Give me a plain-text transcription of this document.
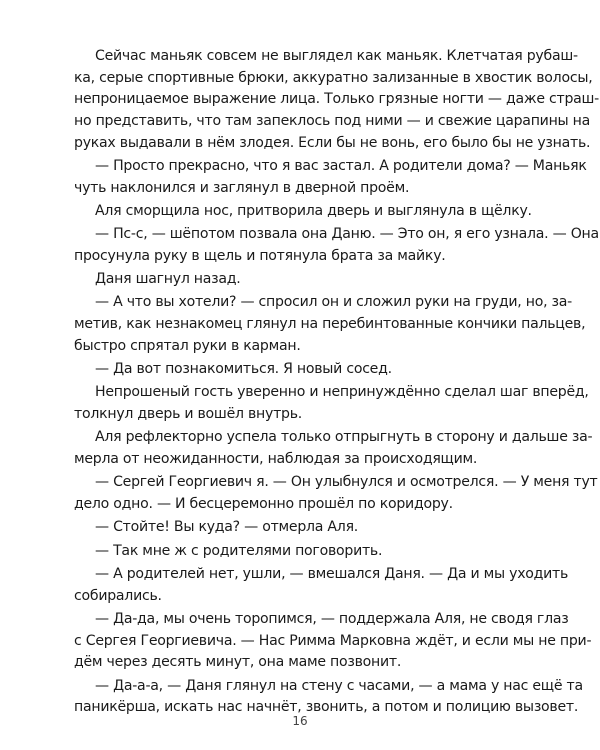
Сейчас маньяк совсем не выглядел как маньяк. Клетчатая рубаш-
ка, серые спортивные брюки, аккуратно зализанные в хвостик волосы,
непроницаемое выражение лица. Только грязные ногти — даже страш-
но представить, что там запеклось под ними — и свежие царапины на
руках выдавали в нём злодея. Если бы не вонь, его было бы не узнать.
— Просто прекрасно, что я вас застал. А родители дома? — Маньяк
чуть наклонился и заглянул в дверной проём.
Аля сморщила нос, притворила дверь и выглянула в щёлку.
— Пс-с, — шёпотом позвала она Даню. — Это он, я его узнала. — Она
просунула руку в щель и потянула брата за майку.
Даня шагнул назад.
— А что вы хотели? — спросил он и сложил руки на груди, но, за-
метив, как незнакомец глянул на перебинтованные кончики пальцев,
быстро спрятал руки в карман.
— Да вот познакомиться. Я новый сосед.
Непрошеный гость уверенно и непринуждённо сделал шаг вперёд,
толкнул дверь и вошёл внутрь.
Аля рефлекторно успела только отпрыгнуть в сторону и дальше за-
мерла от неожиданности, наблюдая за происходящим.
— Сергей Георгиевич я. — Он улыбнулся и осмотрелся. — У меня тут
дело одно. — И бесцеремонно прошёл по коридору.
— Стойте! Вы куда? — отмерла Аля.
— Так мне ж с родителями поговорить.
— А родителей нет, ушли, — вмешался Даня. — Да и мы уходить
собирались.
— Да-да, мы очень торопимся, — поддержала Аля, не сводя глаз
с Сергея Георгиевича. — Нас Римма Марковна ждёт, и если мы не при-
дём через десять минут, она маме позвонит.
— Да-а-а, — Даня глянул на стену с часами, — а мама у нас ещё та
паникёрша, искать нас начнёт, звонить, а потом и полицию вызовет.
16
